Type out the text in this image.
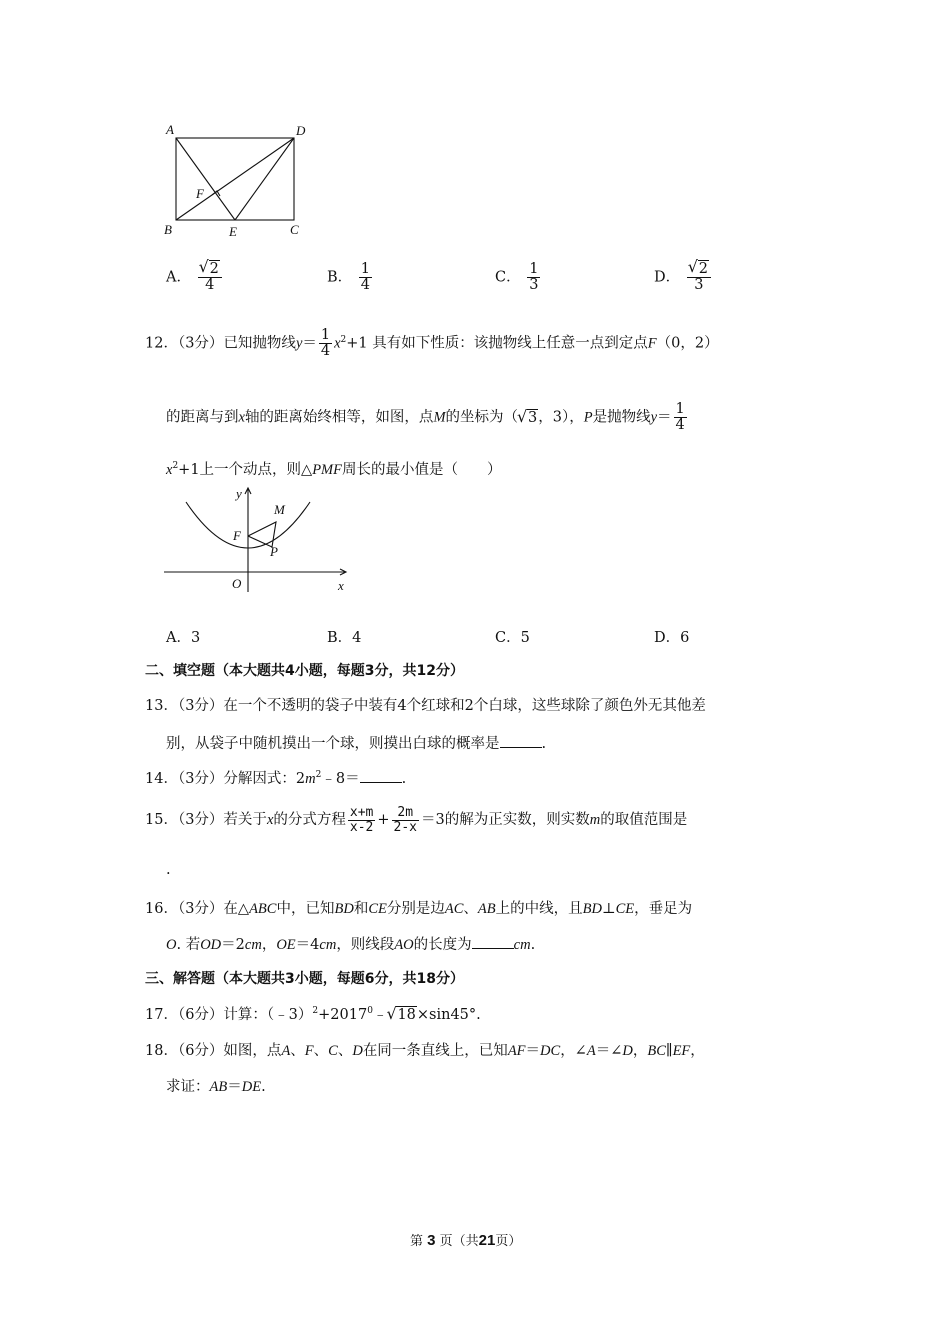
A	D
F
B	E	C
A．
√ $\frac{2}{4}$	B． $\frac{1}{4}$	C． $\frac{1}{3}$	D．
√ $\frac{2}{3}$
12．（3分）已知抛物线$y= \frac{1}{4} x^2+1$ 具有如下性质：该抛物线上任意一点到定点F（0，2）
的距离与到x轴的距离始终相等，如图，点M的坐标为（√ 3，3），P是抛物线$y= \frac{1}{4}$
$x^2+1$上一个动点，则△PMF周长的最小值是（　　）
y
M
F
P
O	x
A．3	B．4	C．5	D．6
二、填空题（本大题共4小题，每题3分，共12分）
13．（3分）在一个不透明的袋子中装有4个红球和2个白球，这些球除了颜色外无其他差
别，从袋子中随机摸出一个球，则摸出白球的概率是	.
14．（3分）分解因式：$2m^2﹣8=$	.
15．（3分）若关于x的分式方程 $\frac{x+m}{x-2} + \frac{2m}{2-x} =3$的解为正实数，则实数m的取值范围是
.
16．（3分）在△ABC中，已知BD和CE分别是边AC、AB上的中线，且BD⊥CE，垂足为
O. 若OD＝2cm，OE＝4cm，则线段AO的长度为	cm.
三、解答题（本大题共3小题，每题6分，共18分）
17．（6分）计算：$(﹣3)^2+2017^0﹣√$ 18×sin45°.
18．（6分）如图，点A、F、C、D在同一条直线上，已知AF＝DC，∠A＝∠D，BC∥EF，
求证：AB＝DE.
第 3 页（共21页）
